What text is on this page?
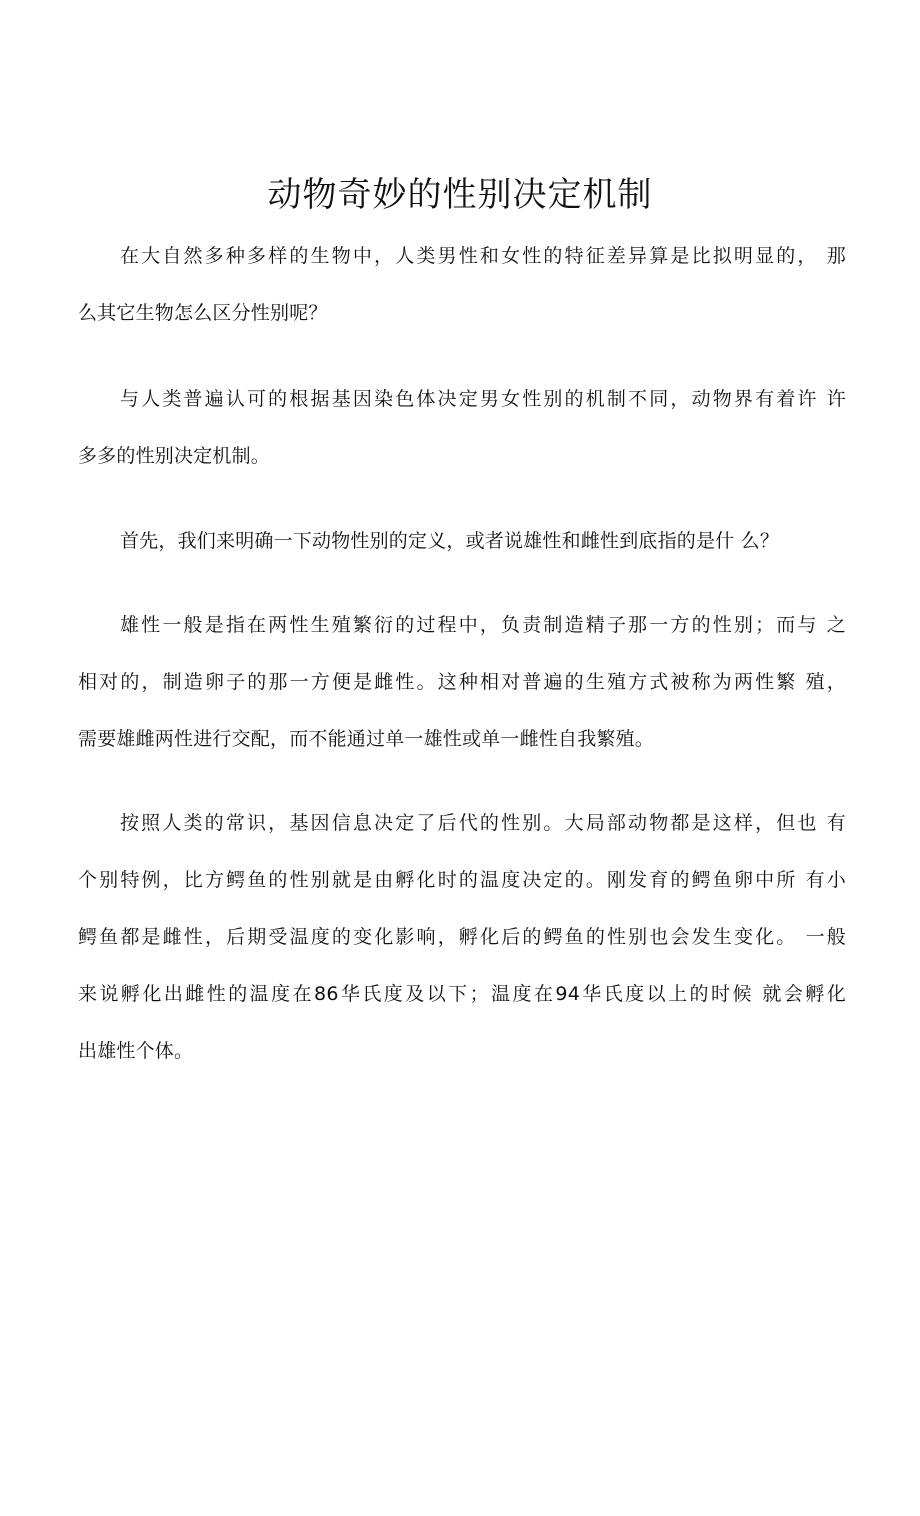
动物奇妙的性别决定机制
在大自然多种多样的生物中，人类男性和女性的特征差异算是比拟明显的， 那
么其它生物怎么区分性别呢？
与人类普遍认可的根据基因染色体决定男女性别的机制不同，动物界有着许 许
多多的性别决定机制。
首先，我们来明确一下动物性别的定义，或者说雄性和雌性到底指的是什 么？
雄性一般是指在两性生殖繁衍的过程中，负责制造精子那一方的性别；而与 之
相对的，制造卵子的那一方便是雌性。这种相对普遍的生殖方式被称为两性繁 殖，
需要雄雌两性进行交配，而不能通过单一雄性或单一雌性自我繁殖。
按照人类的常识，基因信息决定了后代的性别。大局部动物都是这样，但也 有
个别特例，比方鳄鱼的性别就是由孵化时的温度决定的。刚发育的鳄鱼卵中所 有小
鳄鱼都是雌性，后期受温度的变化影响，孵化后的鳄鱼的性别也会发生变化。 一般
来说孵化出雌性的温度在86华氏度及以下；温度在94华氏度以上的时候 就会孵化
出雄性个体。
